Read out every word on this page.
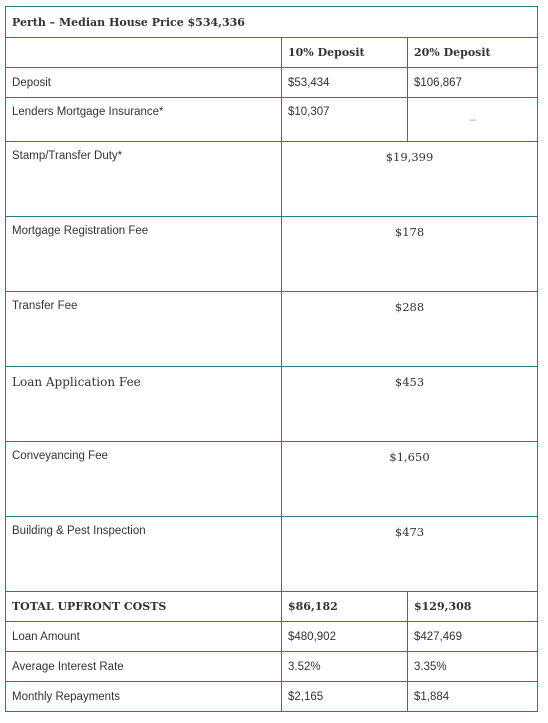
Perth – Median House Price $534,336		
	10% Deposit	20% Deposit
Deposit	$53,434	$106,867
Lenders Mortgage Insurance*	$10,307	–
Stamp/Transfer Duty*	$19,399	
Mortgage Registration Fee	$178	
Transfer Fee	$288	
Loan Application Fee	$453	
Conveyancing Fee	$1,650	
Building & Pest Inspection	$473	
TOTAL UPFRONT COSTS	$86,182	$129,308
Loan Amount	$480,902	$427,469
Average Interest Rate	3.52%	3.35%
Monthly Repayments	$2,165	$1,884
